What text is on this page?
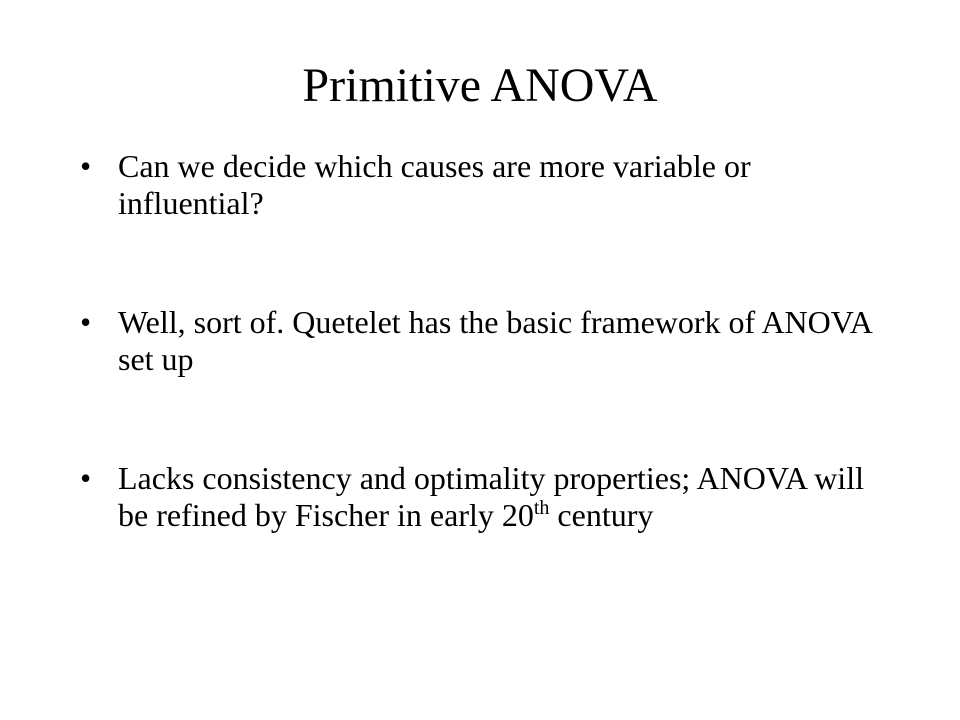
Primitive ANOVA
• Can we decide which causes are more variable or influential?
• Well, sort of. Quetelet has the basic framework of ANOVA set up
• Lacks consistency and optimality properties; ANOVA will be refined by Fischer in early 20th century
